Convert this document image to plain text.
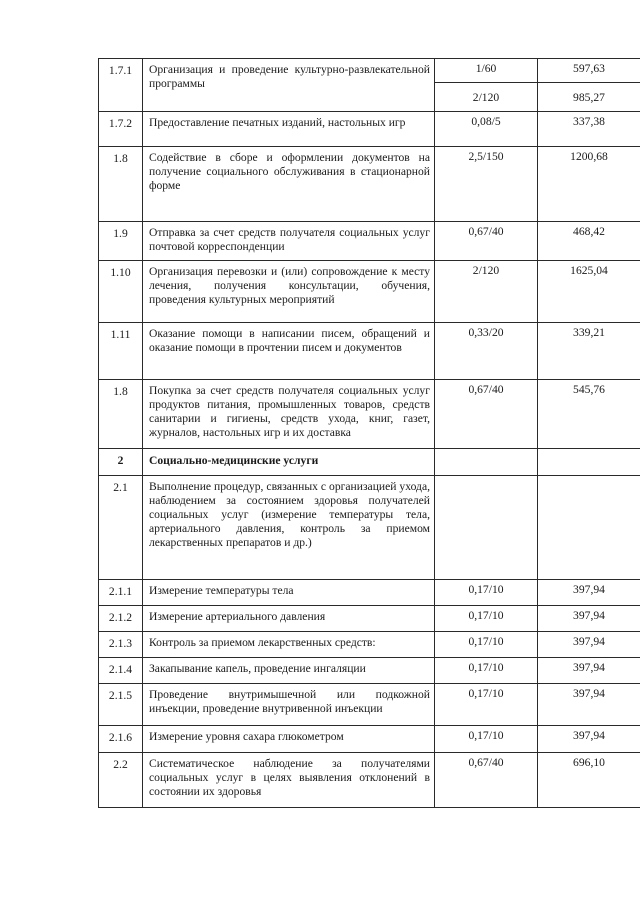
1.7.1	Организация и проведение культурно-развлекательной программы	1/60	597,63
		2/120	985,27
1.7.2	Предоставление печатных изданий, настольных игр	0,08/5	337,38
1.8	Содействие в сборе и оформлении документов на получение социального обслуживания в стационарной форме	2,5/150	1200,68
1.9	Отправка за счет средств получателя социальных услуг почтовой корреспонденции	0,67/40	468,42
1.10	Организация перевозки и (или) сопровождение к месту лечения, получения консультации, обучения, проведения культурных мероприятий	2/120	1625,04
1.11	Оказание помощи в написании писем, обращений и оказание помощи в прочтении писем и документов	0,33/20	339,21
1.8	Покупка за счет средств получателя социальных услуг продуктов питания, промышленных товаров, средств санитарии и гигиены, средств ухода, книг, газет, журналов, настольных игр и их доставка	0,67/40	545,76
2	Социально-медицинские услуги		
2.1	Выполнение процедур, связанных с организацией ухода, наблюдением за состоянием здоровья получателей социальных услуг (измерение температуры тела, артериального давления, контроль за приемом лекарственных препаратов и др.)		
2.1.1	Измерение температуры тела	0,17/10	397,94
2.1.2	Измерение артериального давления	0,17/10	397,94
2.1.3	Контроль за приемом лекарственных средств:	0,17/10	397,94
2.1.4	Закапывание капель, проведение ингаляции	0,17/10	397,94
2.1.5	Проведение внутримышечной или подкожной инъекции, проведение внутривенной инъекции	0,17/10	397,94
2.1.6	Измерение уровня сахара глюкометром	0,17/10	397,94
2.2	Систематическое наблюдение за получателями социальных услуг в целях выявления отклонений в состоянии их здоровья	0,67/40	696,10
